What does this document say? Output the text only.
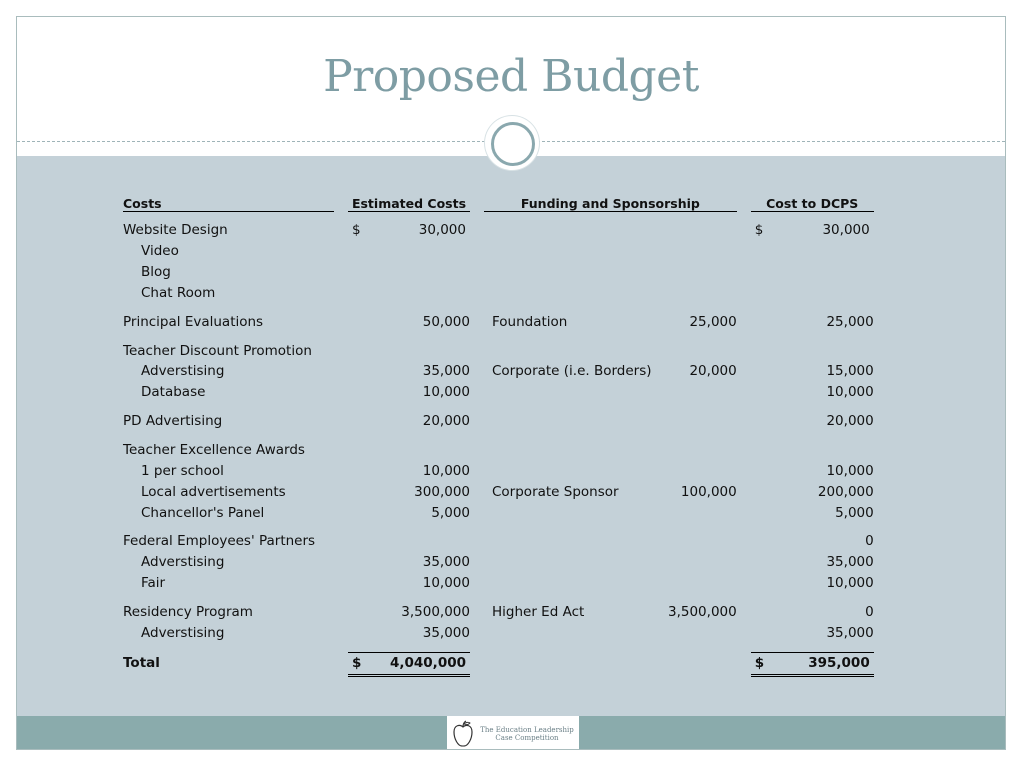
Proposed Budget
Costs		Estimated Costs		Funding and Sponsorship			Cost to DCPS

Website Design		$ 30,000					$ 30,000

Video							
Blog							
Chat Room							

Principal Evaluations		50,000		Foundation	25,000		25,000

Teacher Discount Promotion							
Adverstising		35,000		Corporate (i.e. Borders)	20,000		15,000
Database		10,000					10,000

PD Advertising		20,000					20,000

Teacher Excellence Awards							
1 per school		10,000					10,000
Local advertisements		300,000		Corporate Sponsor	100,000		200,000
Chancellor's Panel		5,000					5,000

Federal Employees' Partners							0
Adverstising		35,000					35,000
Fair		10,000					10,000

Residency Program		3,500,000		Higher Ed Act	3,500,000		0
Adverstising		35,000					35,000

Total		$ 4,040,000					$ 395,000
The Education Leadership
Case Competition
